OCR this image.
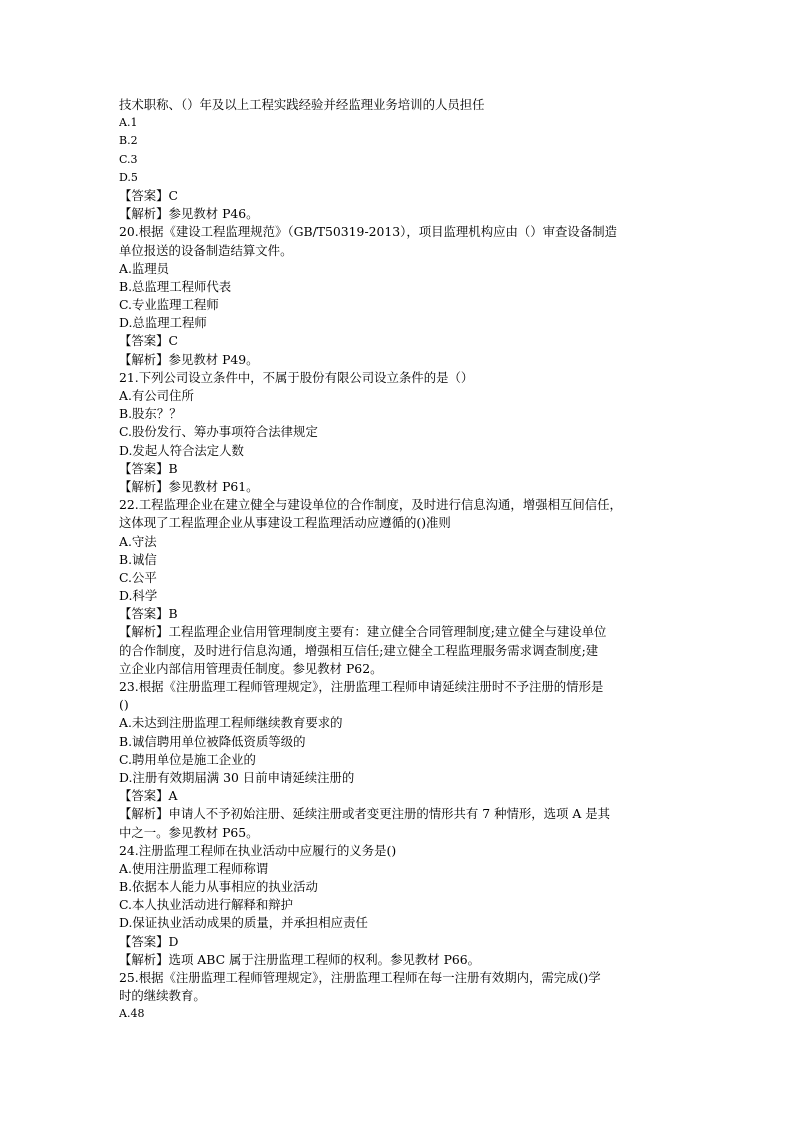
技术职称、（）年及以上工程实践经验并经监理业务培训的人员担任
A.1
B.2
C.3
D.5
【答案】C
【解析】参见教材 P46。
20.根据《建设工程监理规范》（GB/T50319-2013），项目监理机构应由（）审查设备制造
单位报送的设备制造结算文件。
A.监理员
B.总监理工程师代表
C.专业监理工程师
D.总监理工程师
【答案】C
【解析】参见教材 P49。
21.下列公司设立条件中，不属于股份有限公司设立条件的是（）
A.有公司住所
B.股东？？
C.股份发行、筹办事项符合法律规定
D.发起人符合法定人数
【答案】B
【解析】参见教材 P61。
22.工程监理企业在建立健全与建设单位的合作制度，及时进行信息沟通，增强相互间信任，
这体现了工程监理企业从事建设工程监理活动应遵循的()准则
A.守法
B.诚信
C.公平
D.科学
【答案】B
【解析】工程监理企业信用管理制度主要有：建立健全合同管理制度;建立健全与建设单位
的合作制度，及时进行信息沟通，增强相互信任;建立健全工程监理服务需求调查制度;建
立企业内部信用管理责任制度。参见教材 P62。
23.根据《注册监理工程师管理规定》，注册监理工程师申请延续注册时不予注册的情形是
()
A.未达到注册监理工程师继续教育要求的
B.诚信聘用单位被降低资质等级的
C.聘用单位是施工企业的
D.注册有效期届满 30 日前申请延续注册的
【答案】A
【解析】申请人不予初始注册、延续注册或者变更注册的情形共有 7 种情形，选项 A 是其
中之一。参见教材 P65。
24.注册监理工程师在执业活动中应履行的义务是()
A.使用注册监理工程师称谓
B.依据本人能力从事相应的执业活动
C.本人执业活动进行解释和辩护
D.保证执业活动成果的质量，并承担相应责任
【答案】D
【解析】选项 ABC 属于注册监理工程师的权利。参见教材 P66。
25.根据《注册监理工程师管理规定》，注册监理工程师在每一注册有效期内，需完成()学
时的继续教育。
A.48
